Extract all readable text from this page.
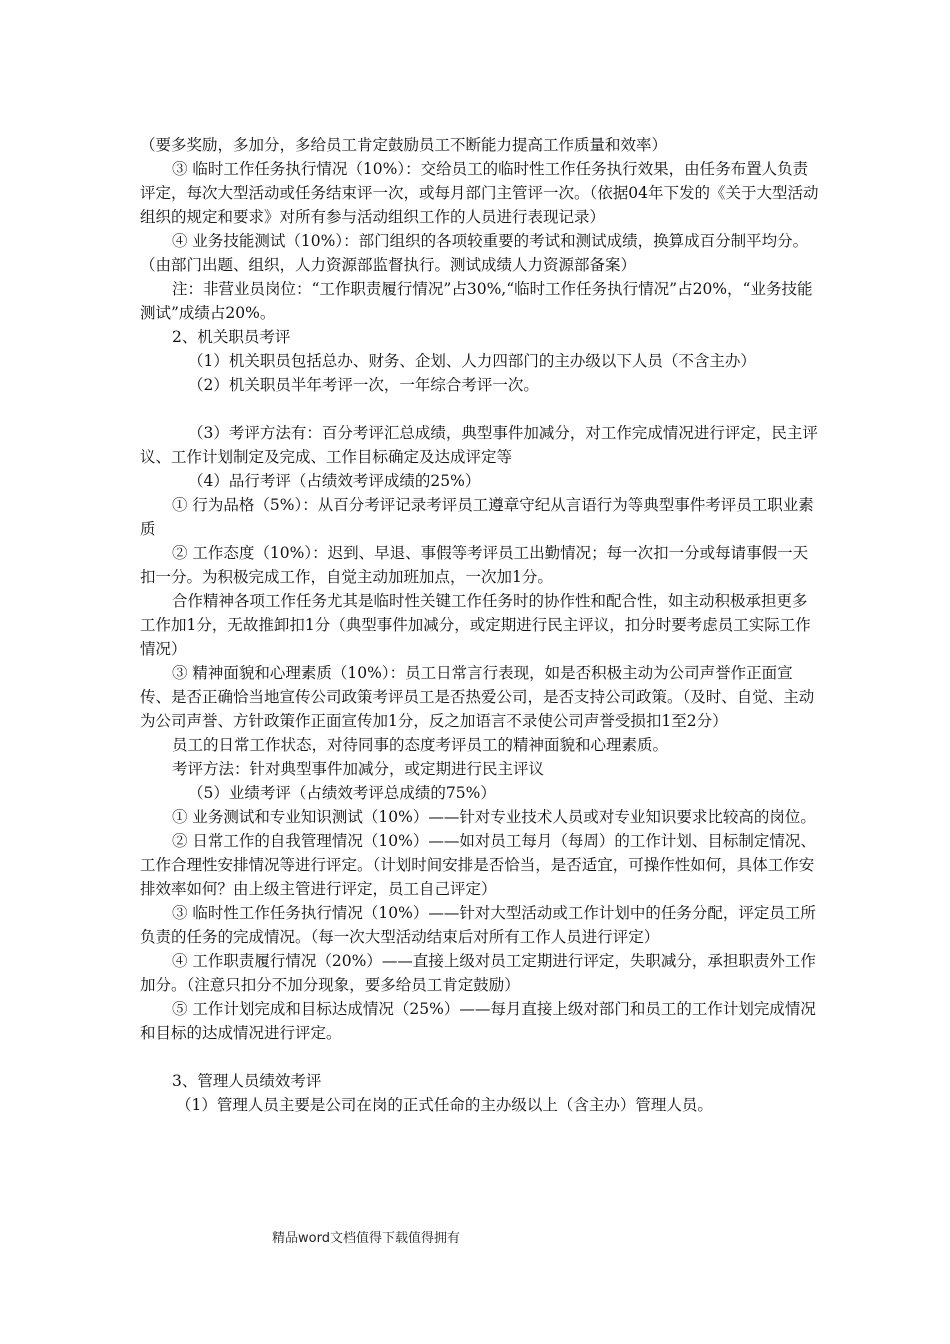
（要多奖励，多加分，多给员工肯定鼓励员工不断能力提高工作质量和效率）

③ 临时工作任务执行情况（10%）：交给员工的临时性工作任务执行效果，由任务布置人负责评定，每次大型活动或任务结束评一次，或每月部门主管评一次。（依据04年下发的《关于大型活动组织的规定和要求》对所有参与活动组织工作的人员进行表现记录）

④ 业务技能测试（10%）：部门组织的各项较重要的考试和测试成绩，换算成百分制平均分。（由部门出题、组织，人力资源部监督执行。测试成绩人力资源部备案）

注：非营业员岗位：“工作职责履行情况”占30%,“临时工作任务执行情况”占20%，“业务技能测试”成绩占20%。

2、机关职员考评

（1）机关职员包括总办、财务、企划、人力四部门的主办级以下人员（不含主办）

（2）机关职员半年考评一次，一年综合考评一次。

（3）考评方法有：百分考评汇总成绩，典型事件加减分，对工作完成情况进行评定，民主评议、工作计划制定及完成、工作目标确定及达成评定等

（4）品行考评（占绩效考评成绩的25%）

① 行为品格（5%）：从百分考评记录考评员工遵章守纪从言语行为等典型事件考评员工职业素质

② 工作态度（10%）：迟到、早退、事假等考评员工出勤情况；每一次扣一分或每请事假一天扣一分。为积极完成工作，自觉主动加班加点，一次加1分。

合作精神各项工作任务尤其是临时性关键工作任务时的协作性和配合性，如主动积极承担更多工作加1分，无故推卸扣1分（典型事件加减分，或定期进行民主评议，扣分时要考虑员工实际工作情况）

③ 精神面貌和心理素质（10%）：员工日常言行表现，如是否积极主动为公司声誉作正面宣传、是否正确恰当地宣传公司政策考评员工是否热爱公司，是否支持公司政策。（及时、自觉、主动为公司声誉、方针政策作正面宣传加1分，反之加语言不录使公司声誉受损扣1至2分）

员工的日常工作状态，对待同事的态度考评员工的精神面貌和心理素质。

考评方法：针对典型事件加减分，或定期进行民主评议

（5）业绩考评（占绩效考评总成绩的75%）

① 业务测试和专业知识测试（10%）——针对专业技术人员或对专业知识要求比较高的岗位。

② 日常工作的自我管理情况（10%）——如对员工每月（每周）的工作计划、目标制定情况、工作合理性安排情况等进行评定。（计划时间安排是否恰当，是否适宜，可操作性如何，具体工作安排效率如何？由上级主管进行评定，员工自己评定）

③ 临时性工作任务执行情况（10%）——针对大型活动或工作计划中的任务分配，评定员工所负责的任务的完成情况。（每一次大型活动结束后对所有工作人员进行评定）

④ 工作职责履行情况（20%）——直接上级对员工定期进行评定，失职减分，承担职责外工作加分。（注意只扣分不加分现象，要多给员工肯定鼓励）

⑤ 工作计划完成和目标达成情况（25%）——每月直接上级对部门和员工的工作计划完成情况和目标的达成情况进行评定。

3、管理人员绩效考评

（1）管理人员主要是公司在岗的正式任命的主办级以上（含主办）管理人员。

精品word文档值得下载值得拥有
